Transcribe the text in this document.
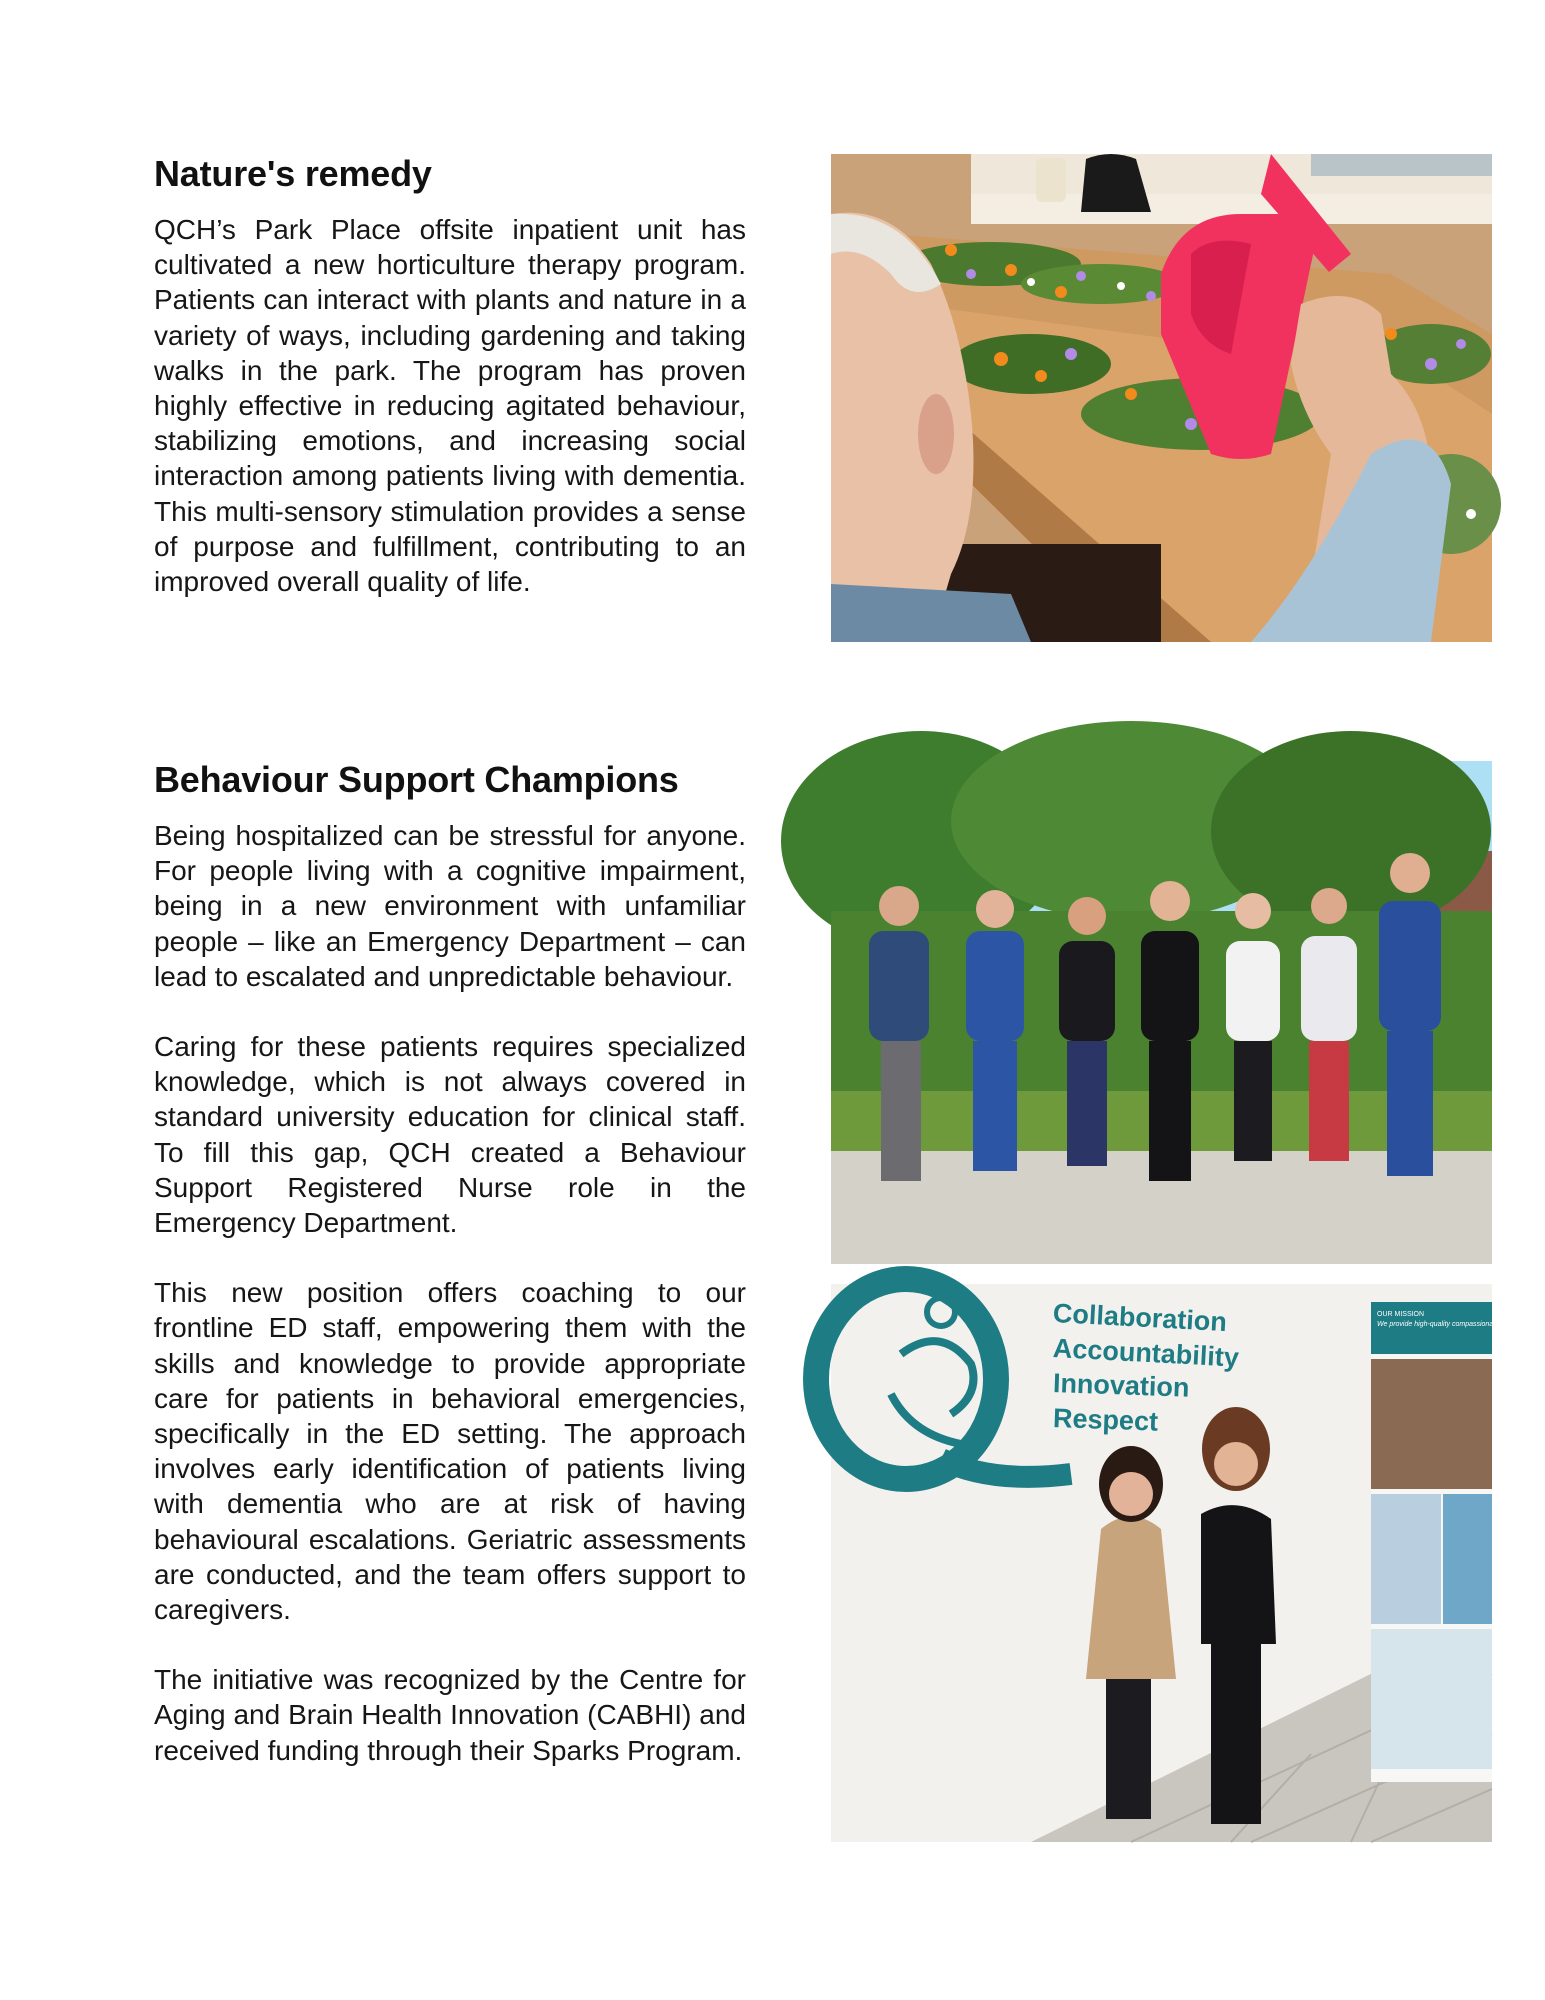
Nature's remedy

QCH’s Park Place offsite inpatient unit has cultivated a new horticulture therapy program. Patients can interact with plants and nature in a variety of ways, including gardening and taking walks in the park. The program has proven highly effective in reducing agitated behaviour, stabilizing emotions, and increasing social interaction among patients living with dementia. This multi-sensory stimulation provides a sense of purpose and fulfillment, contributing to an improved overall quality of life.

Behaviour Support Champions

Being hospitalized can be stressful for anyone. For people living with a cognitive impairment, being in a new environment with unfamiliar people – like an Emergency Department – can lead to escalated and unpredictable behaviour.

Caring for these patients requires specialized knowledge, which is not always covered in standard university education for clinical staff. To fill this gap, QCH created a Behaviour Support Registered Nurse role in the Emergency Department.

This new position offers coaching to our frontline ED staff, empowering them with the skills and knowledge to provide appropriate care for patients in behavioral emergencies, specifically in the ED setting. The approach involves early identification of patients living with dementia who are at risk of having behavioural escalations. Geriatric assessments are conducted, and the team offers support to caregivers.

The initiative was recognized by the Centre for Aging and Brain Health Innovation (CABHI) and received funding through their Sparks Program.

Collaboration
Accountability
Innovation
Respect
OUR MISSION
We provide high-quality compassionate, and equitable
